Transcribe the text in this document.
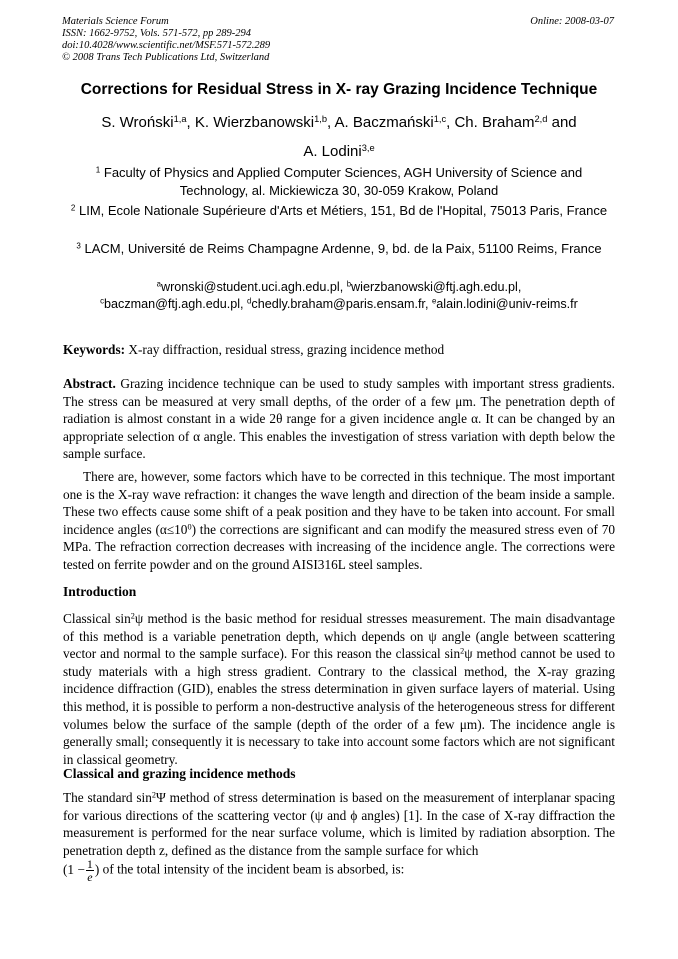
Materials Science Forum
ISSN: 1662-9752, Vols. 571-572, pp 289-294
doi:10.4028/www.scientific.net/MSF.571-572.289
© 2008 Trans Tech Publications Ltd, Switzerland
Online: 2008-03-07
Corrections for Residual Stress in X- ray Grazing Incidence Technique
S. Wroński$^{1,a}$, K. Wierzbanowski$^{1,b}$, A. Baczmański$^{1,c}$, Ch. Braham$^{2,d}$ and
A. Lodini$^{3,e}$
$^1$ Faculty of Physics and Applied Computer Sciences, AGH University of Science and Technology, al. Mickiewicza 30, 30-059 Krakow, Poland
$^2$ LIM, Ecole Nationale Supérieure d'Arts et Métiers, 151, Bd de l'Hopital, 75013 Paris, France
$^3$ LACM, Université de Reims Champagne Ardenne, 9, bd. de la Paix, 51100 Reims, France
$^a$wronski@student.uci.agh.edu.pl, $^b$wierzbanowski@ftj.agh.edu.pl,
$^c$baczman@ftj.agh.edu.pl, $^d$chedly.braham@paris.ensam.fr, $^e$alain.lodini@univ-reims.fr
Keywords: X-ray diffraction, residual stress, grazing incidence method
Abstract. Grazing incidence technique can be used to study samples with important stress gradients. The stress can be measured at very small depths, of the order of a few μm. The penetration depth of radiation is almost constant in a wide 2θ range for a given incidence angle α. It can be changed by an appropriate selection of α angle. This enables the investigation of stress variation with depth below the sample surface.
There are, however, some factors which have to be corrected in this technique. The most important one is the X-ray wave refraction: it changes the wave length and direction of the beam inside a sample. These two effects cause some shift of a peak position and they have to be taken into account. For small incidence angles $(\alpha\le 10^0)$ the corrections are significant and can modify the measured stress even of 70 MPa. The refraction correction decreases with increasing of the incidence angle. The corrections were tested on ferrite powder and on the ground AISI316L steel samples.
Introduction
Classical $\sin^2\psi$ method is the basic method for residual stresses measurement. The main disadvantage of this method is a variable penetration depth, which depends on ψ angle (angle between scattering vector and normal to the sample surface). For this reason the classical $\sin^2\psi$ method cannot be used to study materials with a high stress gradient. Contrary to the classical method, the X-ray grazing incidence diffraction (GID), enables the stress determination in given surface layers of material. Using this method, it is possible to perform a non-destructive analysis of the heterogeneous stress for different volumes below the surface of the sample (depth of the order of a few μm). The incidence angle is generally small; consequently it is necessary to take into account some factors which are not significant in classical geometry.
Classical and grazing incidence methods
The standard $\sin^2\Psi$ method of stress determination is based on the measurement of interplanar spacing for various directions of the scattering vector (ψ and ϕ angles) [1]. In the case of X-ray diffraction the measurement is performed for the near surface volume, which is limited by radiation absorption. The penetration depth z, defined as the distance from the sample surface for which
($1 - \frac{1}{e}$ ) of the total intensity of the incident beam is absorbed, is:
